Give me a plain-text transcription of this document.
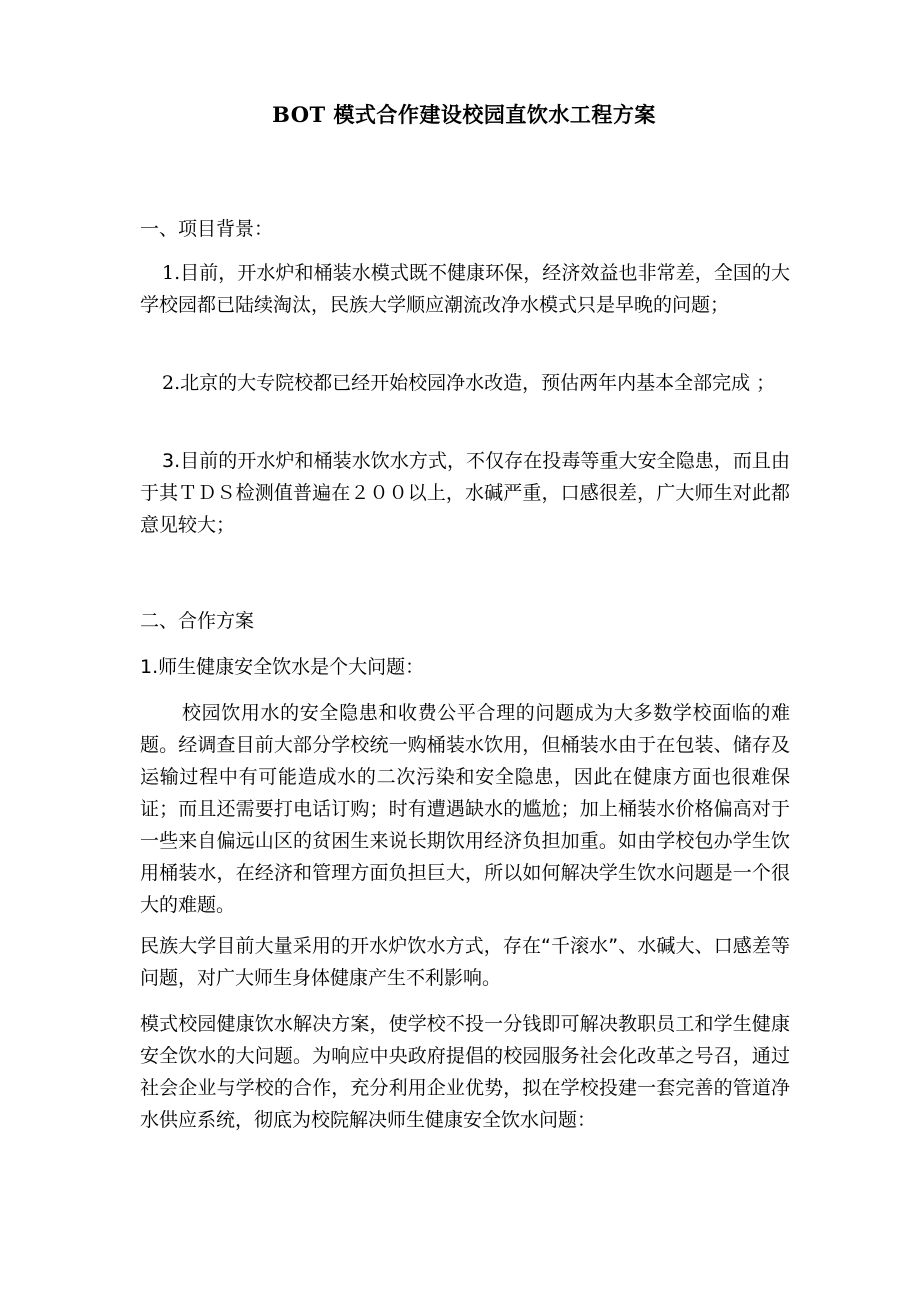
BOT 模式合作建设校园直饮水工程方案
一、项目背景：

1.目前，开水炉和桶装水模式既不健康环保，经济效益也非常差，全国的大学校园都已陆续淘汰，民族大学顺应潮流改净水模式只是早晚的问题；

2.北京的大专院校都已经开始校园净水改造，预估两年内基本全部完成 ；

3.目前的开水炉和桶装水饮水方式，不仅存在投毒等重大安全隐患，而且由于其ＴＤＳ检测值普遍在２００以上，水碱严重，口感很差，广大师生对此都意见较大；

二、合作方案

1.师生健康安全饮水是个大问题：

校园饮用水的安全隐患和收费公平合理的问题成为大多数学校面临的难题。经调查目前大部分学校统一购桶装水饮用，但桶装水由于在包装、储存及运输过程中有可能造成水的二次污染和安全隐患，因此在健康方面也很难保证；而且还需要打电话订购；时有遭遇缺水的尴尬；加上桶装水价格偏高对于一些来自偏远山区的贫困生来说长期饮用经济负担加重。如由学校包办学生饮用桶装水，在经济和管理方面负担巨大，所以如何解决学生饮水问题是一个很大的难题。

民族大学目前大量采用的开水炉饮水方式，存在“千滚水”、水碱大、口感差等问题，对广大师生身体健康产生不利影响。

模式校园健康饮水解决方案，使学校不投一分钱即可解决教职员工和学生健康安全饮水的大问题。为响应中央政府提倡的校园服务社会化改革之号召，通过社会企业与学校的合作，充分利用企业优势，拟在学校投建一套完善的管道净水供应系统，彻底为校院解决师生健康安全饮水问题：
